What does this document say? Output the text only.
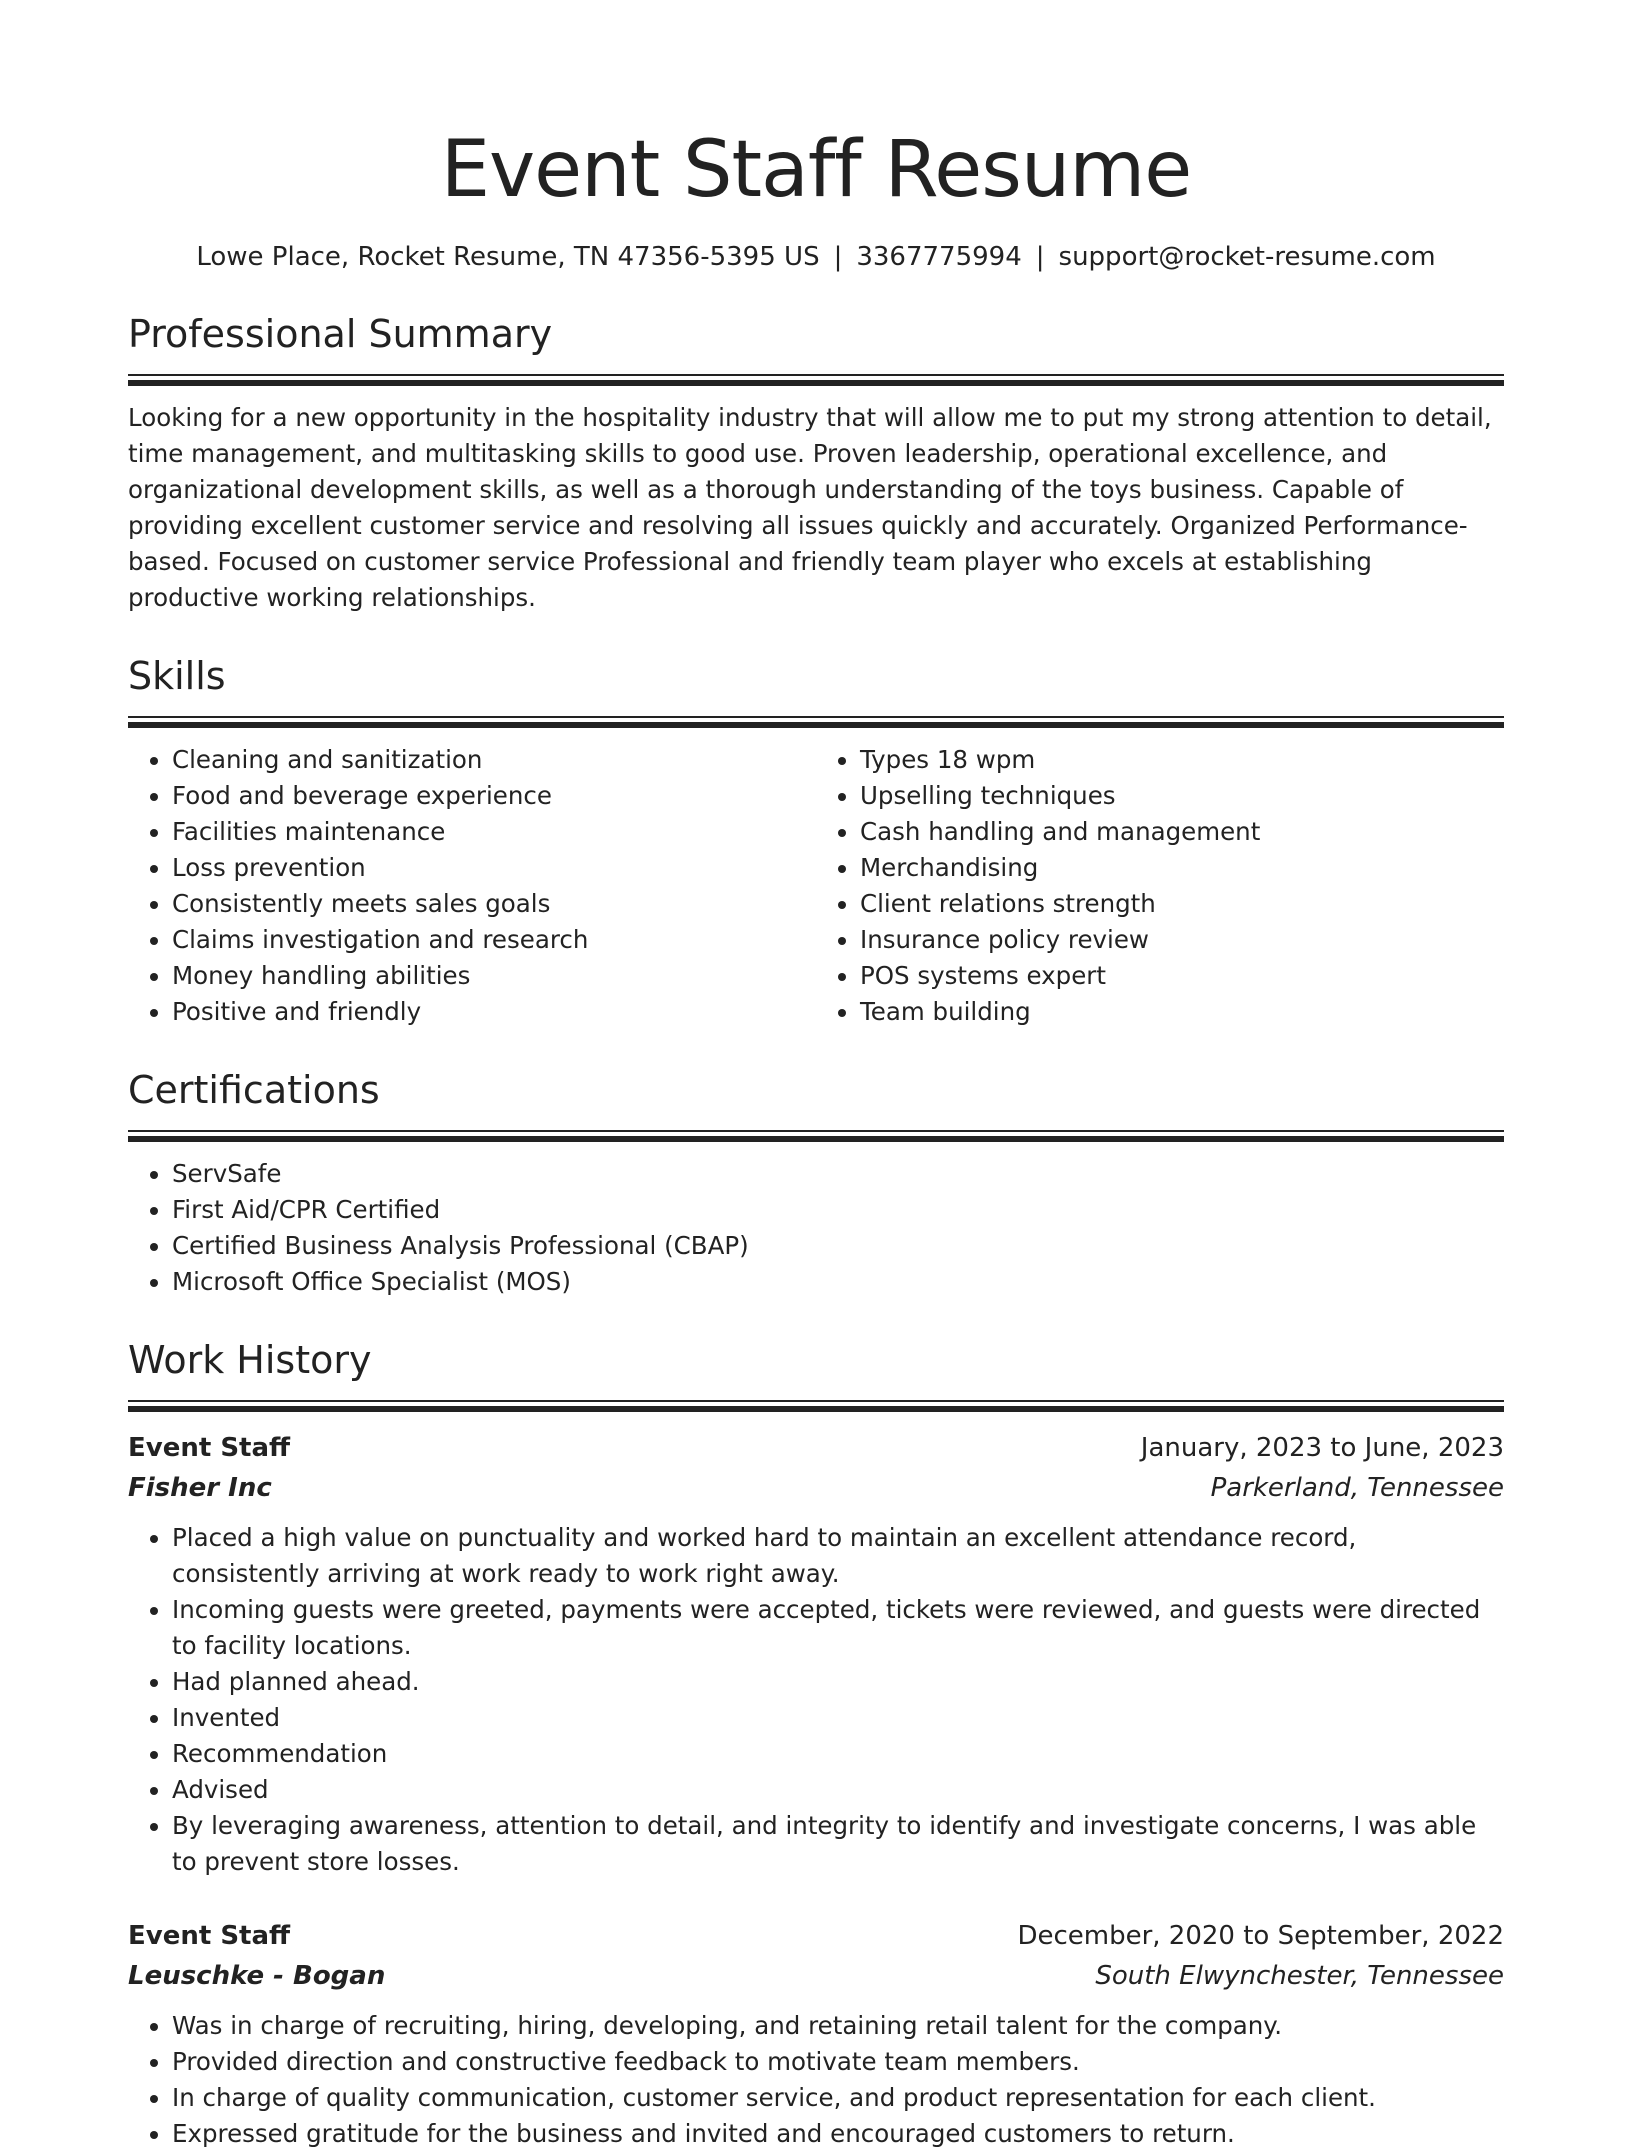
Event Staff Resume
Lowe Place, Rocket Resume, TN 47356-5395 US | 3367775994 | support@rocket-resume.com
Professional Summary
Looking for a new opportunity in the hospitality industry that will allow me to put my strong attention to detail, time management, and multitasking skills to good use. Proven leadership, operational excellence, and organizational development skills, as well as a thorough understanding of the toys business. Capable of providing excellent customer service and resolving all issues quickly and accurately. Organized Performance-based. Focused on customer service Professional and friendly team player who excels at establishing productive working relationships.
Skills
• Cleaning and sanitization
• Food and beverage experience
• Facilities maintenance
• Loss prevention
• Consistently meets sales goals
• Claims investigation and research
• Money handling abilities
• Positive and friendly
• Types 18 wpm
• Upselling techniques
• Cash handling and management
• Merchandising
• Client relations strength
• Insurance policy review
• POS systems expert
• Team building
Certifications
• ServSafe
• First Aid/CPR Certified
• Certified Business Analysis Professional (CBAP)
• Microsoft Office Specialist (MOS)
Work History
Event Staff	January, 2023 to June, 2023
Fisher Inc	Parkerland, Tennessee
• Placed a high value on punctuality and worked hard to maintain an excellent attendance record, consistently arriving at work ready to work right away.
• Incoming guests were greeted, payments were accepted, tickets were reviewed, and guests were directed to facility locations.
• Had planned ahead.
• Invented
• Recommendation
• Advised
• By leveraging awareness, attention to detail, and integrity to identify and investigate concerns, I was able to prevent store losses.
Event Staff	December, 2020 to September, 2022
Leuschke - Bogan	South Elwynchester, Tennessee
• Was in charge of recruiting, hiring, developing, and retaining retail talent for the company.
• Provided direction and constructive feedback to motivate team members.
• In charge of quality communication, customer service, and product representation for each client.
• Expressed gratitude for the business and invited and encouraged customers to return.
